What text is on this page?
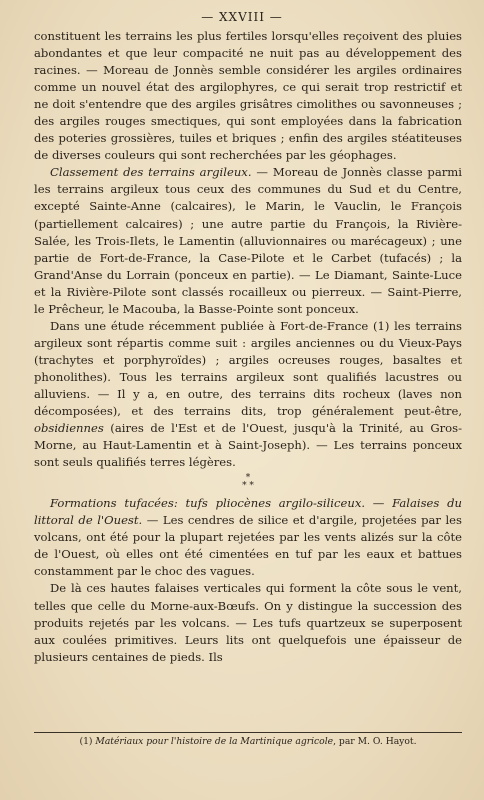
— XXVIII —

constituent les terrains les plus fertiles lorsqu'elles reçoivent des pluies abondantes et que leur compacité ne nuit pas au développement des racines. — Moreau de Jonnès semble considérer les argiles ordinaires comme un nouvel état des argilophyres, ce qui serait trop restrictif et ne doit s'entendre que des argiles grisâtres cimolithes ou savonneuses ; des argiles rouges smectiques, qui sont employées dans la fabrication des poteries grossières, tuiles et briques ; enfin des argiles stéatiteuses de diverses couleurs qui sont recherchées par les géophages.

Classement des terrains argileux. — Moreau de Jonnès classe parmi les terrains argileux tous ceux des communes du Sud et du Centre, excepté Sainte-Anne (calcaires), le Marin, le Vauclin, le François (partiellement calcaires) ; une autre partie du François, la Rivière-Salée, les Trois-Ilets, le Lamentin (alluvionnaires ou marécageux) ; une partie de Fort-de-France, la Case-Pilote et le Carbet (tufacés) ; la Grand'Anse du Lorrain (ponceux en partie). — Le Diamant, Sainte-Luce et la Rivière-Pilote sont classés rocailleux ou pierreux. — Saint-Pierre, le Prêcheur, le Macouba, la Basse-Pointe sont ponceux.

Dans une étude récemment publiée à Fort-de-France (1) les terrains argileux sont répartis comme suit : argiles anciennes ou du Vieux-Pays (trachytes et porphyroïdes) ; argiles ocreuses rouges, basaltes et phonolithes). Tous les terrains argileux sont qualifiés lacustres ou alluviens. — Il y a, en outre, des terrains dits rocheux (laves non décomposées), et des terrains dits, trop généralement peut-être, obsidiennes (aires de l'Est et de l'Ouest, jusqu'à la Trinité, au Gros-Morne, au Haut-Lamentin et à Saint-Joseph). — Les terrains ponceux sont seuls qualifiés terres légères.

*
* *

Formations tufacées: tufs pliocènes argilo-siliceux. — Falaises du littoral de l'Ouest. — Les cendres de silice et d'argile, projetées par les volcans, ont été pour la plupart rejetées par les vents alizés sur la côte de l'Ouest, où elles ont été cimentées en tuf par les eaux et battues constamment par le choc des vagues.

De là ces hautes falaises verticales qui forment la côte sous le vent, telles que celle du Morne-aux-Bœufs. On y distingue la succession des produits rejetés par les volcans. — Les tufs quartzeux se superposent aux coulées primitives. Leurs lits ont quelquefois une épaisseur de plusieurs centaines de pieds. Ils

(1) Matériaux pour l'histoire de la Martinique agricole, par M. O. Hayot.
